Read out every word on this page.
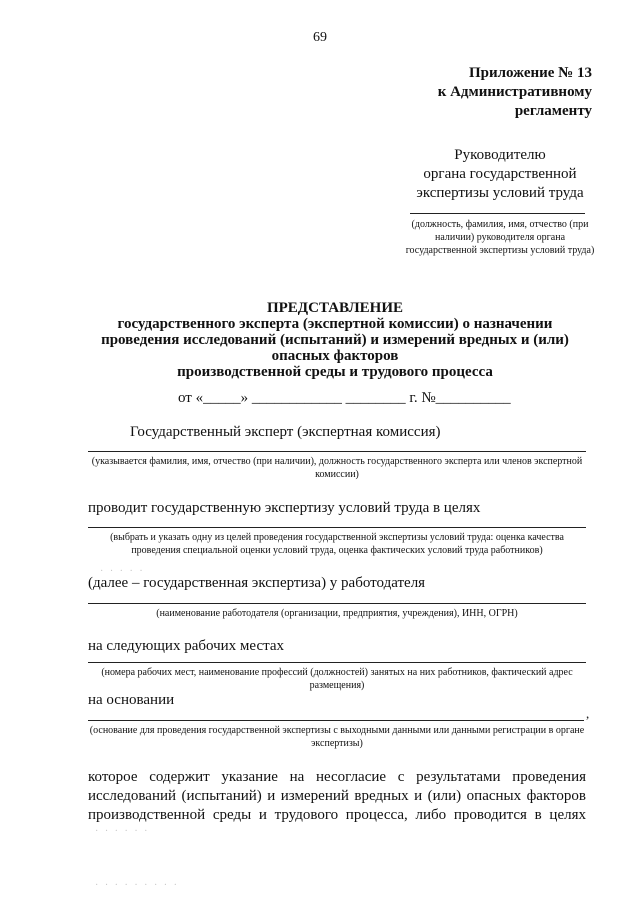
69
Приложение № 13
к Административному
регламенту
Руководителю
органа государственной
экспертизы условий труда
(должность, фамилия, имя, отчество (при наличии) руководителя органа государственной экспертизы условий труда)
ПРЕДСТАВЛЕНИЕ
государственного эксперта (экспертной комиссии) о назначении
проведения исследований (испытаний) и измерений вредных и (или)
опасных факторов
производственной среды и трудового процесса
от «_____» ____________ ________ г. №__________
Государственный эксперт (экспертная комиссия)
(указывается фамилия, имя, отчество (при наличии), должность государственного эксперта или членов экспертной комиссии)
проводит государственную экспертизу условий труда в целях
(выбрать и указать одну из целей проведения государственной экспертизы условий труда: оценка качества проведения специальной оценки условий труда, оценка фактических условий труда работников)
· · · · ·
(далее – государственная экспертиза) у работодателя
(наименование работодателя (организации, предприятия, учреждения), ИНН, ОГРН)
на следующих рабочих местах
(номера рабочих мест, наименование профессий (должностей) занятых на них работников, фактический адрес размещения)
на основании
,
(основание для проведения государственной экспертизы с выходными данными или данными регистрации в органе экспертизы)
которое содержит указание на несогласие с результатами проведения
исследований (испытаний) и измерений вредных и (или) опасных факторов
производственной среды и трудового процесса, либо проводится в целях
· · · · · ·
· · · · · · · · ·
